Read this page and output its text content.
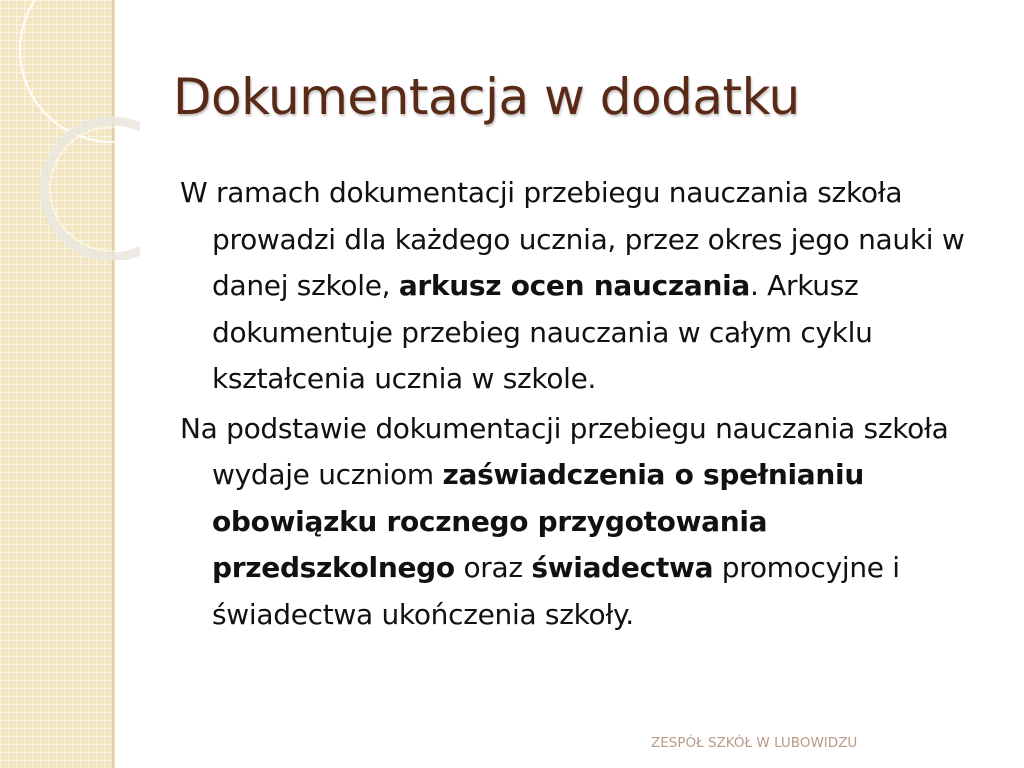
Dokumentacja w dodatku

W ramach dokumentacji przebiegu nauczania szkoła prowadzi dla każdego ucznia, przez okres jego nauki w danej szkole, arkusz ocen nauczania. Arkusz dokumentuje przebieg nauczania w całym cyklu kształcenia ucznia w szkole.

Na podstawie dokumentacji przebiegu nauczania szkoła wydaje uczniom zaświadczenia o spełnianiu obowiązku rocznego przygotowania przedszkolnego oraz świadectwa promocyjne i świadectwa ukończenia szkoły.

ZESPÓŁ SZKÓŁ W LUBOWIDZU
